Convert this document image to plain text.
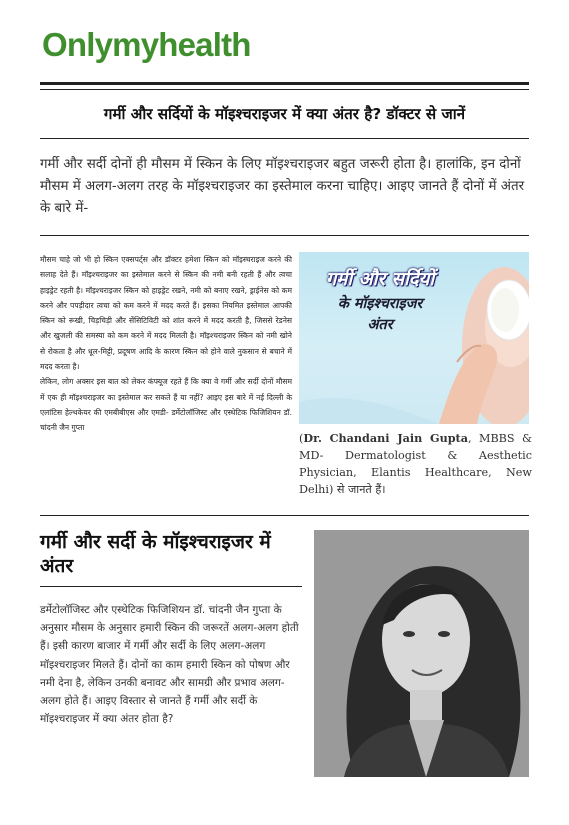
Onlymyhealth
गर्मी और सर्दियों के मॉइश्चराइजर में क्या अंतर है? डॉक्टर से जानें

गर्मी और सर्दी दोनों ही मौसम में स्किन के लिए मॉइश्चराइजर बहुत जरूरी होता है। हालांकि, इन दोनों मौसम में अलग-अलग तरह के मॉइश्चराइजर का इस्तेमाल करना चाहिए। आइए जानते हैं दोनों में अंतर के बारे में-

मौसम चाहे जो भी हो स्किन एक्सपर्ट्स और डॉक्टर हमेशा स्किन को मॉइस्चराइज करने की सलाह देते हैं। मॉइश्चराइजर का इस्तेमाल करने से स्किन की नमी बनी रहती हैं और त्वचा हाइड्रेट रहती है। मॉइश्चराइजर स्किन को हाइड्रेट रखने, नमी को बनाए रखने, ड्राईनेस को कम करने और पपड़ीदार त्वचा को कम करने में मदद करते हैं। इसका नियमित इस्तेमाल आपकी स्किन को रूखी, चिड़चिड़ी और सेंसिटिविटी को शांत करने में मदद करती है, जिससे रेडनेस और खुजली की समस्या को कम करने में मदद मिलती है। मॉइश्चराइजर स्किन को नमी खोने से रोकता है और धूल-मिट्टी, प्रदूषण आदि के कारण स्किन को होने वाले नुकसान से बचाने में मदद करता है।

लेकिन, लोग अक्सर इस बात को लेकर कंफ्यूज रहते हैं कि क्या वे गर्मी और सर्दी दोनों मौसम में एक ही मॉइश्चराइजर का इस्तेमाल कर सकते हैं या नहीं? आइए इस बारे में नई दिल्ली के एलांटिस हेल्थकेयर की एमबीबीएस और एमडी- डर्मेटोलॉजिस्ट और एस्थेटिक फिजिशियन डॉ. चांदनी जैन गुप्ता

गर्मी और सर्दियों
के मॉइश्चराइजर
अंतर
(Dr. Chandani Jain Gupta, MBBS & MD- Dermatologist & Aesthetic Physician, Elantis Healthcare, New Delhi) से जानते हैं।
गर्मी और सर्दी के मॉइश्चराइजर में अंतर

डर्मेटोलॉजिस्ट और एस्थेटिक फिजिशियन डॉ. चांदनी जैन गुप्ता के अनुसार मौसम के अनुसार हमारी स्किन की जरूरतें अलग-अलग होती हैं। इसी कारण बाजार में गर्मी और सर्दी के लिए अलग-अलग मॉइश्चराइजर मिलते हैं। दोनों का काम हमारी स्किन को पोषण और नमी देना है, लेकिन उनकी बनावट और सामग्री और प्रभाव अलग-अलग होते हैं। आइए विस्तार से जानते हैं गर्मी और सर्दी के मॉइश्चराइजर में क्या अंतर होता है?
